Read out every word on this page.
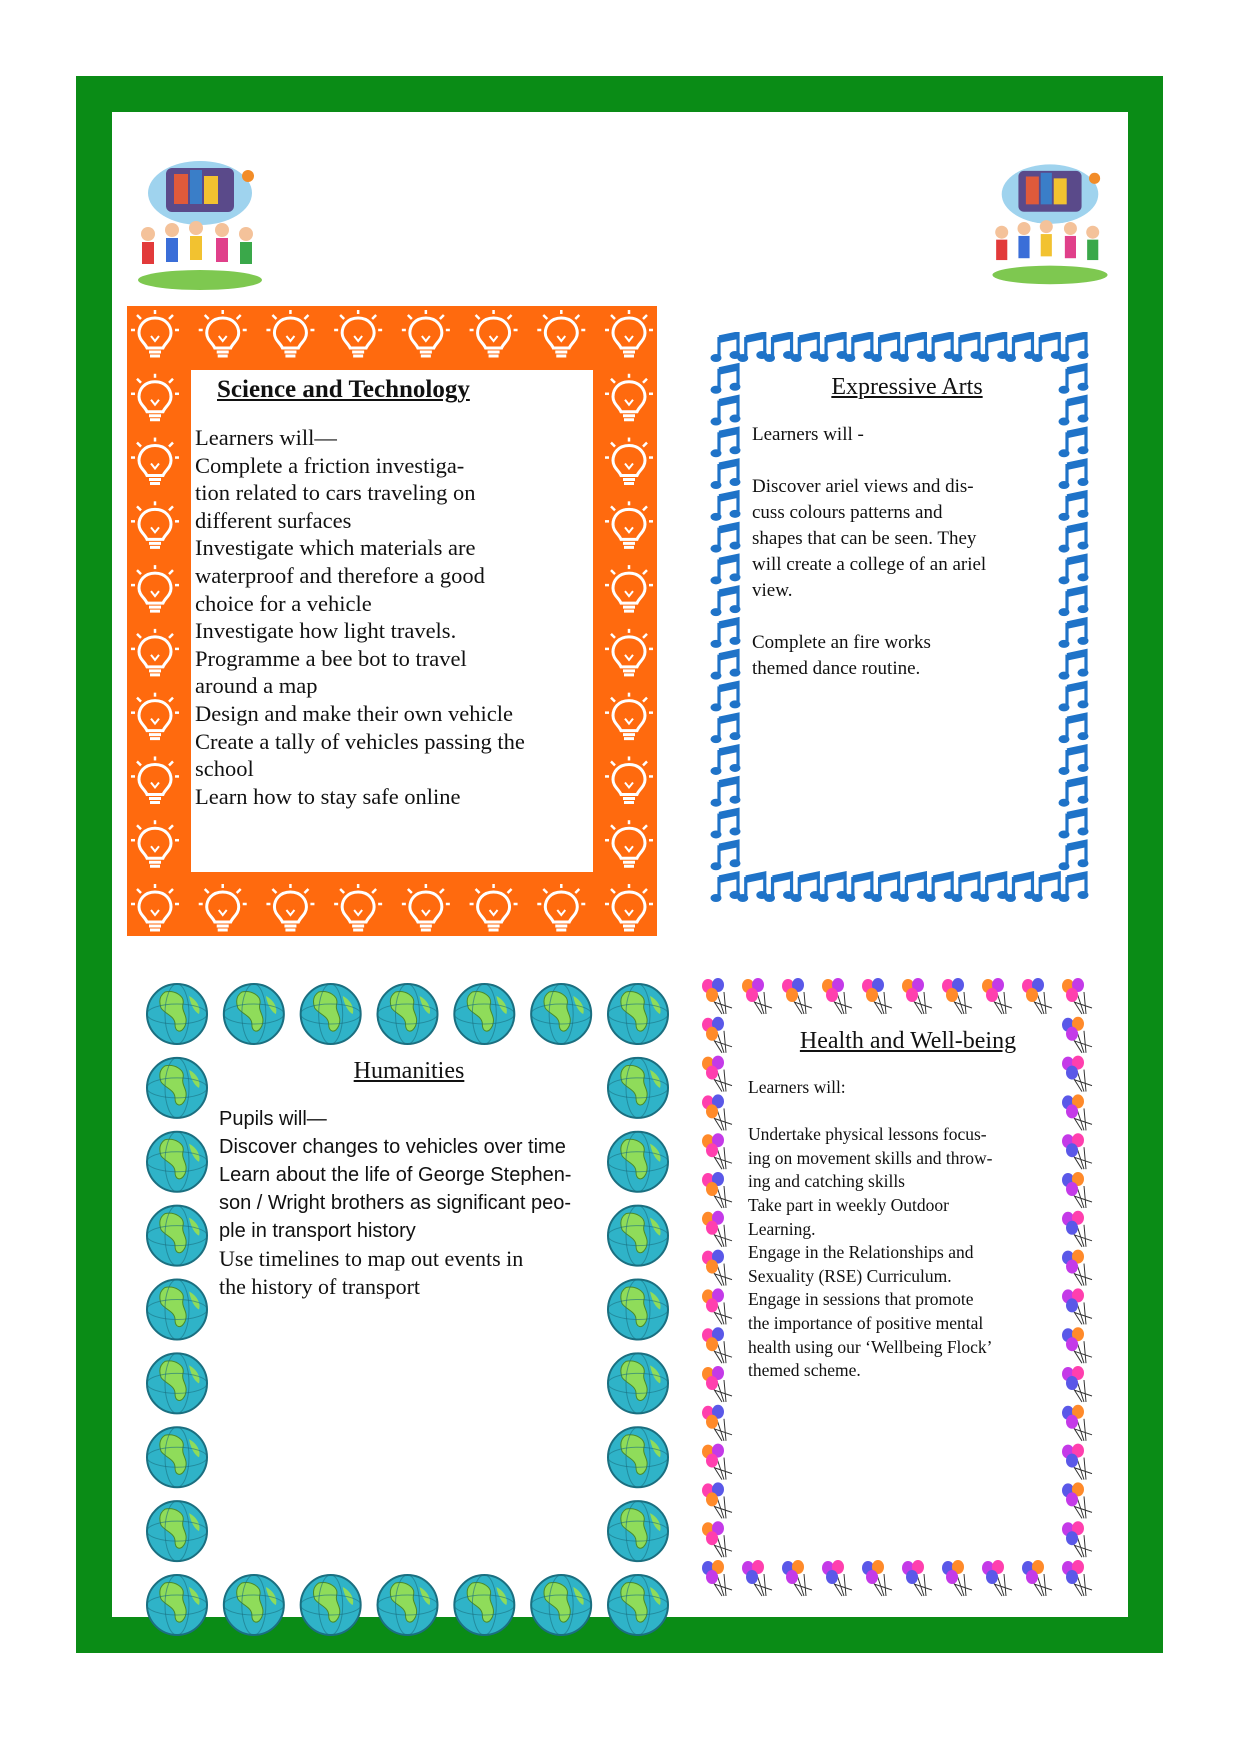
Science and Technology
Learners will—
Complete a friction investiga-
tion related to cars traveling on
different surfaces
Investigate which materials are
waterproof and therefore a good
choice for a vehicle
Investigate how light travels.
Programme a bee bot to travel
around a map
Design and make their own vehicle
Create a tally of vehicles passing the
school
Learn how to stay safe online
Expressive Arts
Learners will -
Discover ariel views and dis-
cuss colours patterns and
shapes that can be seen. They
will create a college of an ariel
view.
Complete an fire works
themed dance routine.
Humanities
Pupils will—
Discover changes to vehicles over time
Learn about the life of George Stephen-
son / Wright brothers as significant peo-
ple in transport history
Use timelines to map out events in
the history of transport
Health and Well-being
Learners will:
Undertake physical lessons focus-
ing on movement skills and throw-
ing and catching skills
Take part in weekly Outdoor
Learning.
Engage in the Relationships and
Sexuality (RSE) Curriculum.
Engage in sessions that promote
the importance of positive mental
health using our ‘Wellbeing Flock’
themed scheme.
